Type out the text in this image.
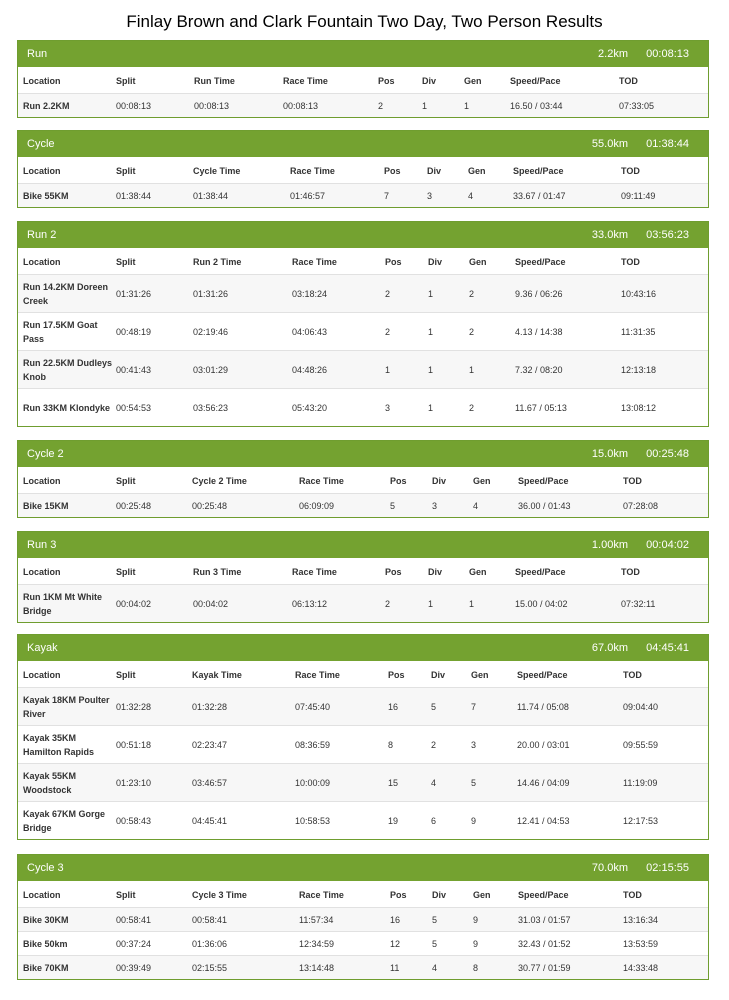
Finlay Brown and Clark Fountain Two Day, Two Person Results
Run	2.2km 00:08:13
Location	Split	Run Time	Race Time	Pos	Div	Gen	Speed/Pace	TOD
Run 2.2KM	00:08:13	00:08:13	00:08:13	2	1	1	16.50 / 03:44	07:33:05
Cycle	55.0km 01:38:44
Location	Split	Cycle Time	Race Time	Pos	Div	Gen	Speed/Pace	TOD
Bike 55KM	01:38:44	01:38:44	01:46:57	7	3	4	33.67 / 01:47	09:11:49
Run 2	33.0km 03:56:23
Location	Split	Run 2 Time	Race Time	Pos	Div	Gen	Speed/Pace	TOD
Run 14.2KM Doreen Creek
01:31:26	01:31:26	03:18:24	2	1	2	9.36 / 06:26	10:43:16
Run 17.5KM Goat Pass
00:48:19	02:19:46	04:06:43	2	1	2	4.13 / 14:38	11:31:35
Run 22.5KM Dudleys Knob
00:41:43	03:01:29	04:48:26	1	1	1	7.32 / 08:20	12:13:18
Run 33KM Klondyke 00:54:53	03:56:23	05:43:20	3	1	2	11.67 / 05:13	13:08:12
Cycle 2	15.0km 00:25:48
Location	Split	Cycle 2 Time	Race Time	Pos	Div	Gen	Speed/Pace	TOD
Bike 15KM	00:25:48	00:25:48	06:09:09	5	3	4	36.00 / 01:43	07:28:08
Run 3	1.00km 00:04:02
Location	Split	Run 3 Time	Race Time	Pos	Div	Gen	Speed/Pace	TOD
Run 1KM Mt White Bridge
00:04:02	00:04:02	06:13:12	2	1	1	15.00 / 04:02	07:32:11
Kayak	67.0km 04:45:41
Location	Split	Kayak Time	Race Time	Pos	Div	Gen	Speed/Pace	TOD
Kayak 18KM Poulter River
01:32:28	01:32:28	07:45:40	16	5	7	11.74 / 05:08	09:04:40
Kayak 35KM Hamilton Rapids
00:51:18	02:23:47	08:36:59	8	2	3	20.00 / 03:01	09:55:59
Kayak 55KM Woodstock
01:23:10	03:46:57	10:00:09	15	4	5	14.46 / 04:09	11:19:09
Kayak 67KM Gorge Bridge
00:58:43	04:45:41	10:58:53	19	6	9	12.41 / 04:53	12:17:53
Cycle 3	70.0km 02:15:55
Location	Split	Cycle 3 Time	Race Time	Pos	Div	Gen	Speed/Pace	TOD
Bike 30KM	00:58:41	00:58:41	11:57:34	16	5	9	31.03 / 01:57	13:16:34
Bike 50km	00:37:24	01:36:06	12:34:59	12	5	9	32.43 / 01:52	13:53:59
Bike 70KM	00:39:49	02:15:55	13:14:48	11	4	8	30.77 / 01:59	14:33:48
